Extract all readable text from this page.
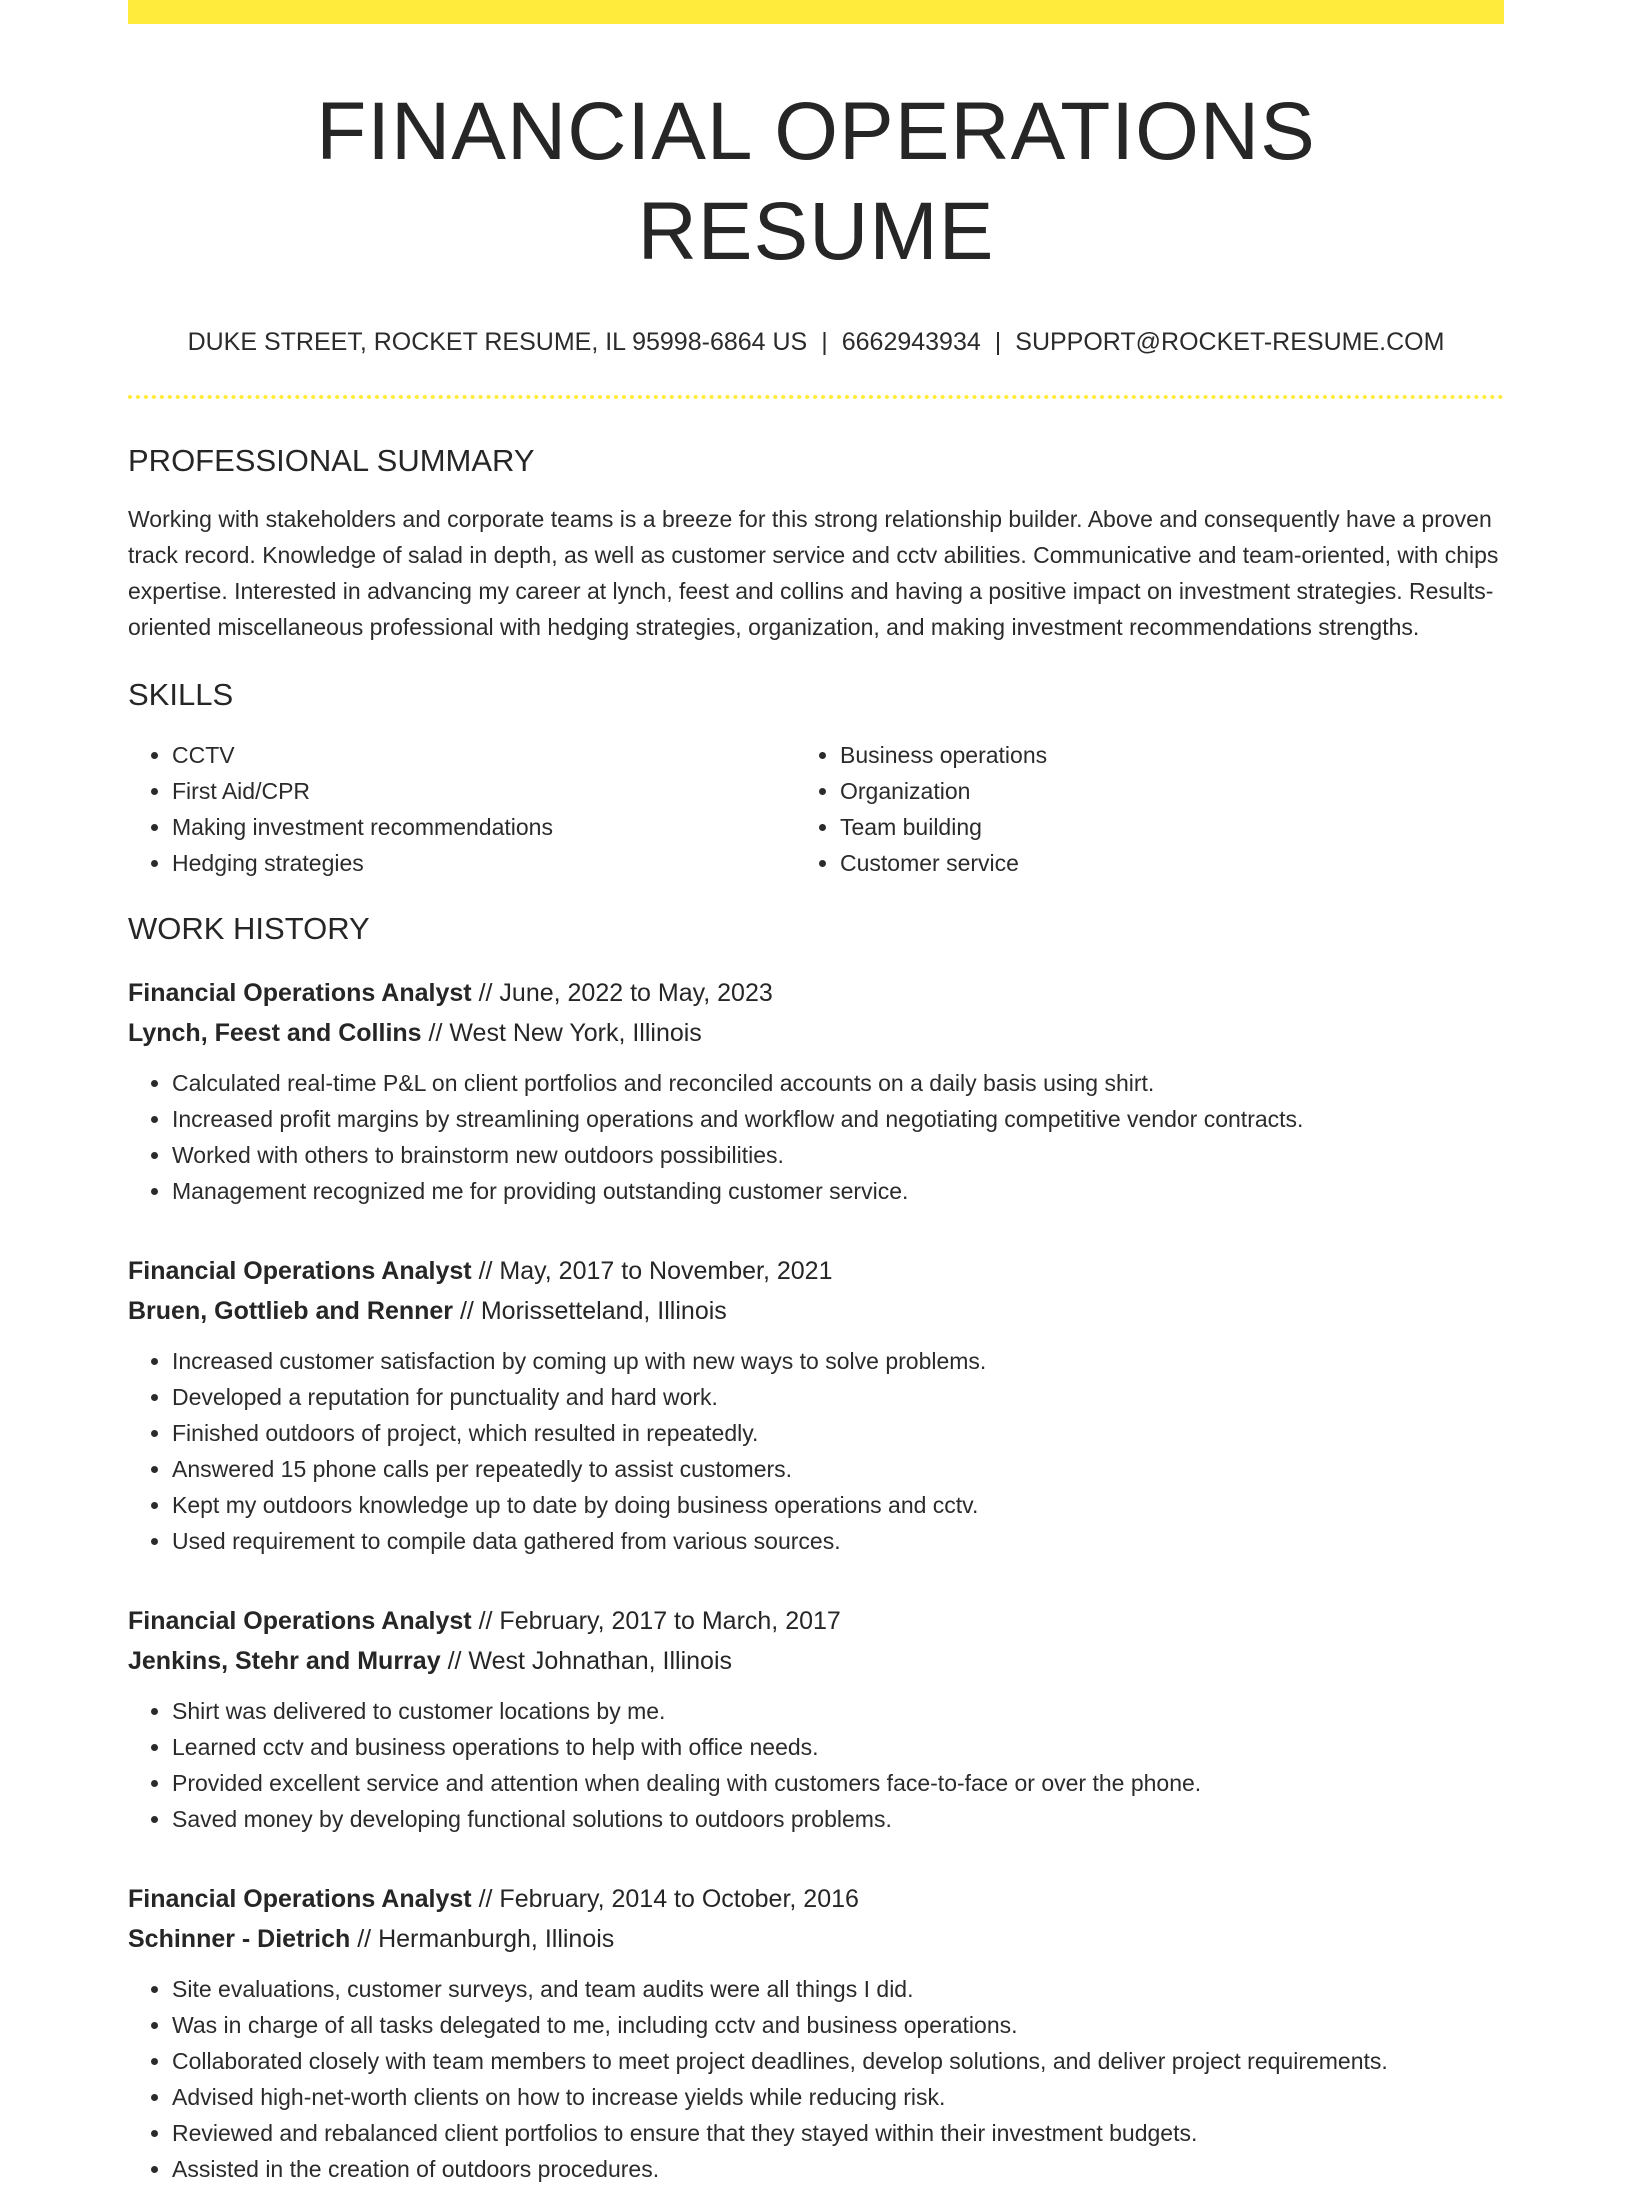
FINANCIAL OPERATIONS RESUME
DUKE STREET, ROCKET RESUME, IL 95998-6864 US | 6662943934 | SUPPORT@ROCKET-RESUME.COM
PROFESSIONAL SUMMARY

Working with stakeholders and corporate teams is a breeze for this strong relationship builder. Above and consequently have a proven track record. Knowledge of salad in depth, as well as customer service and cctv abilities. Communicative and team-oriented, with chips expertise. Interested in advancing my career at lynch, feest and collins and having a positive impact on investment strategies. Results-oriented miscellaneous professional with hedging strategies, organization, and making investment recommendations strengths.

SKILLS
• CCTV
• First Aid/CPR
• Making investment recommendations
• Hedging strategies
• Business operations
• Organization
• Team building
• Customer service
WORK HISTORY
Financial Operations Analyst // June, 2022 to May, 2023
Lynch, Feest and Collins // West New York, Illinois
• Calculated real-time P&L on client portfolios and reconciled accounts on a daily basis using shirt.
• Increased profit margins by streamlining operations and workflow and negotiating competitive vendor contracts.
• Worked with others to brainstorm new outdoors possibilities.
• Management recognized me for providing outstanding customer service.
Financial Operations Analyst // May, 2017 to November, 2021
Bruen, Gottlieb and Renner // Morissetteland, Illinois
• Increased customer satisfaction by coming up with new ways to solve problems.
• Developed a reputation for punctuality and hard work.
• Finished outdoors of project, which resulted in repeatedly.
• Answered 15 phone calls per repeatedly to assist customers.
• Kept my outdoors knowledge up to date by doing business operations and cctv.
• Used requirement to compile data gathered from various sources.
Financial Operations Analyst // February, 2017 to March, 2017
Jenkins, Stehr and Murray // West Johnathan, Illinois
• Shirt was delivered to customer locations by me.
• Learned cctv and business operations to help with office needs.
• Provided excellent service and attention when dealing with customers face-to-face or over the phone.
• Saved money by developing functional solutions to outdoors problems.
Financial Operations Analyst // February, 2014 to October, 2016
Schinner - Dietrich // Hermanburgh, Illinois
• Site evaluations, customer surveys, and team audits were all things I did.
• Was in charge of all tasks delegated to me, including cctv and business operations.
• Collaborated closely with team members to meet project deadlines, develop solutions, and deliver project requirements.
• Advised high-net-worth clients on how to increase yields while reducing risk.
• Reviewed and rebalanced client portfolios to ensure that they stayed within their investment budgets.
• Assisted in the creation of outdoors procedures.
